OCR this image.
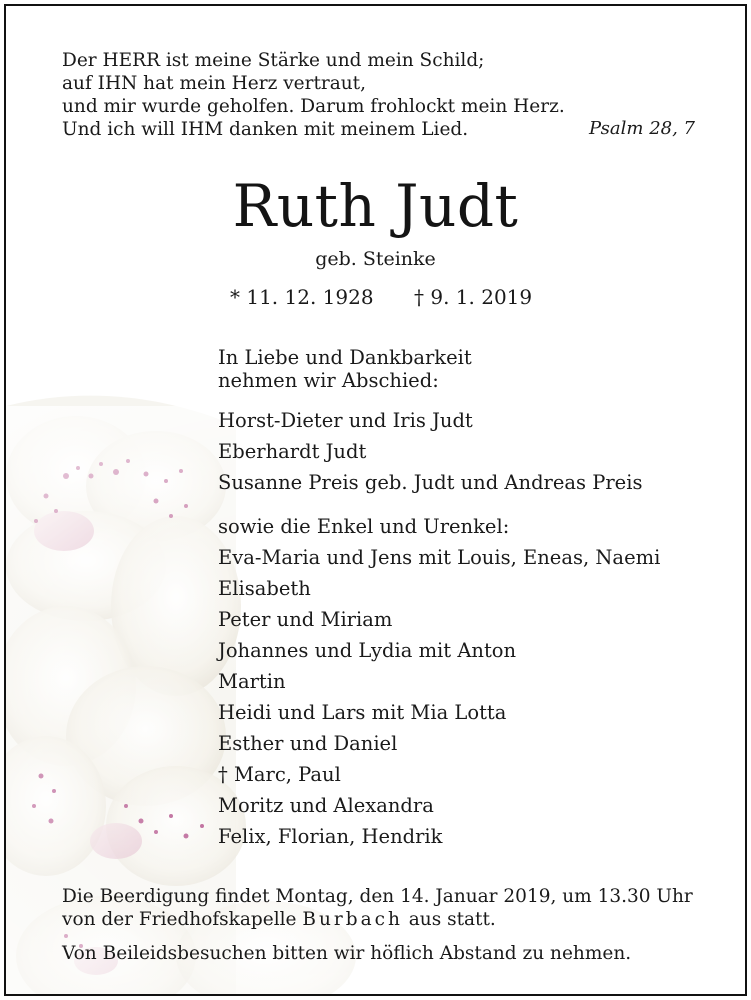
Der HERR ist meine Stärke und mein Schild;
auf IHN hat mein Herz vertraut,
und mir wurde geholfen. Darum frohlockt mein Herz.
Und ich will IHM danken mit meinem Lied.	Psalm 28, 7
Ruth Judt
geb. Steinke
* 11. 12. 1928 † 9. 1. 2019
In Liebe und Dankbarkeit
nehmen wir Abschied:
Horst-Dieter und Iris Judt
Eberhardt Judt
Susanne Preis geb. Judt und Andreas Preis
sowie die Enkel und Urenkel:
Eva-Maria und Jens mit Louis, Eneas, Naemi
Elisabeth
Peter und Miriam
Johannes und Lydia mit Anton
Martin
Heidi und Lars mit Mia Lotta
Esther und Daniel
† Marc, Paul
Moritz und Alexandra
Felix, Florian, Hendrik
Die Beerdigung findet Montag, den 14. Januar 2019, um 13.30 Uhr
von der Friedhofskapelle Burbach aus statt.
Von Beileidsbesuchen bitten wir höflich Abstand zu nehmen.
